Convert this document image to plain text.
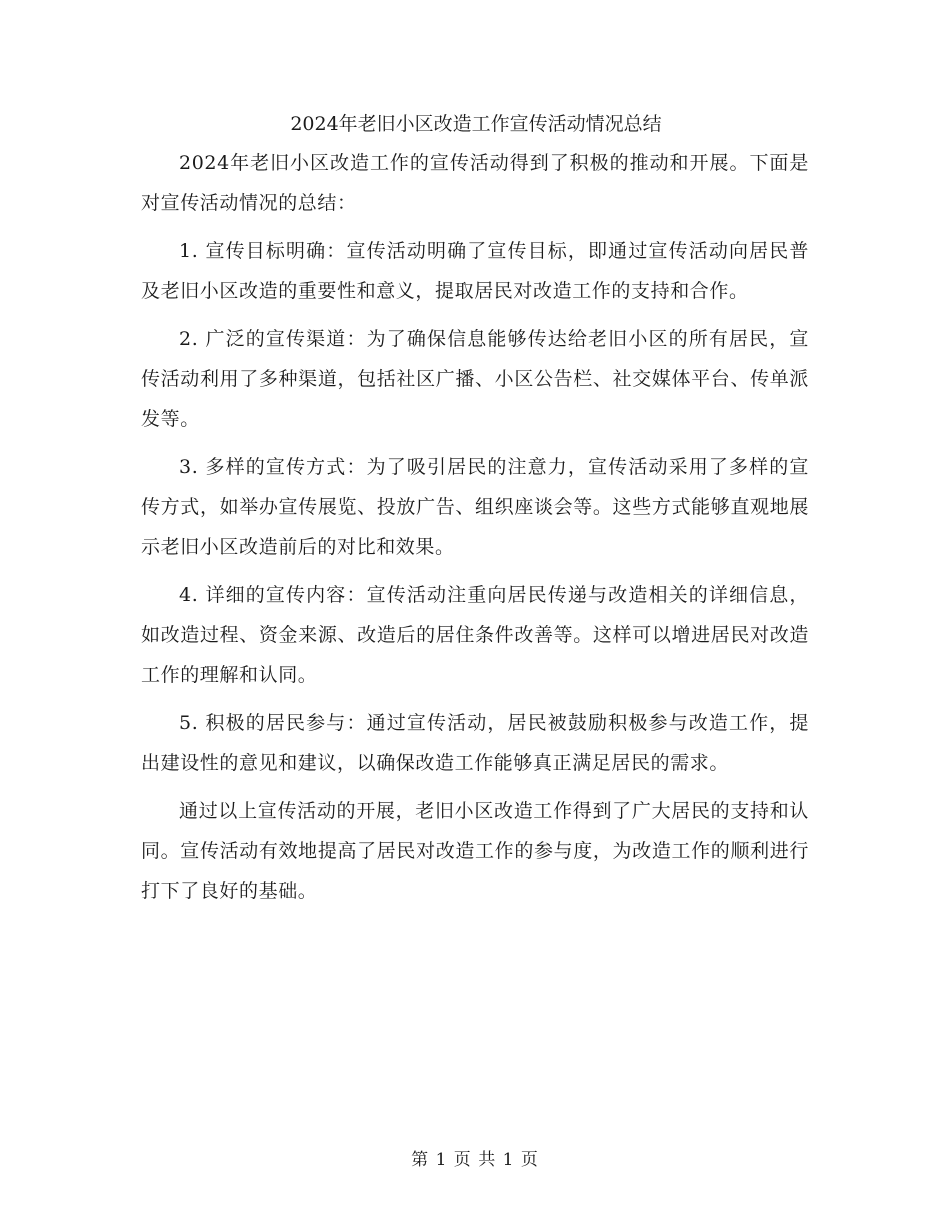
2024年老旧小区改造工作宣传活动情况总结

2024年老旧小区改造工作的宣传活动得到了积极的推动和开展。下面是对宣传活动情况的总结：

1. 宣传目标明确：宣传活动明确了宣传目标，即通过宣传活动向居民普及老旧小区改造的重要性和意义，提取居民对改造工作的支持和合作。

2. 广泛的宣传渠道：为了确保信息能够传达给老旧小区的所有居民，宣传活动利用了多种渠道，包括社区广播、小区公告栏、社交媒体平台、传单派发等。

3. 多样的宣传方式：为了吸引居民的注意力，宣传活动采用了多样的宣传方式，如举办宣传展览、投放广告、组织座谈会等。这些方式能够直观地展示老旧小区改造前后的对比和效果。

4. 详细的宣传内容：宣传活动注重向居民传递与改造相关的详细信息，如改造过程、资金来源、改造后的居住条件改善等。这样可以增进居民对改造工作的理解和认同。

5. 积极的居民参与：通过宣传活动，居民被鼓励积极参与改造工作，提出建设性的意见和建议，以确保改造工作能够真正满足居民的需求。

通过以上宣传活动的开展，老旧小区改造工作得到了广大居民的支持和认同。宣传活动有效地提高了居民对改造工作的参与度，为改造工作的顺利进行打下了良好的基础。

第 1 页 共 1 页
